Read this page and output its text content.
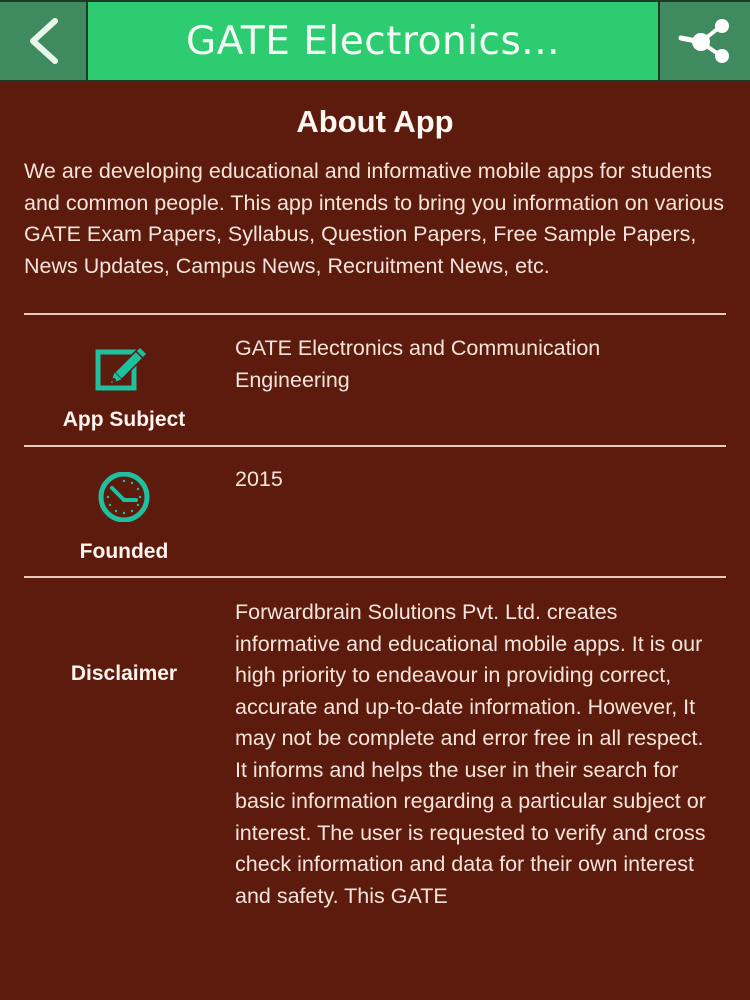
GATE Electronics...
About App
We are developing educational and informative mobile apps for students and common people. This app intends to bring you information on various GATE Exam Papers, Syllabus, Question Papers, Free Sample Papers, News Updates, Campus News, Recruitment News, etc.
App Subject
GATE Electronics and Communication Engineering
Founded
2015
Disclaimer
Forwardbrain Solutions Pvt. Ltd. creates informative and educational mobile apps. It is our high priority to endeavour in providing correct, accurate and up-to-date information. However, It may not be complete and error free in all respect. It informs and helps the user in their search for basic information regarding a particular subject or interest. The user is requested to verify and cross check information and data for their own interest and safety. This GATE
